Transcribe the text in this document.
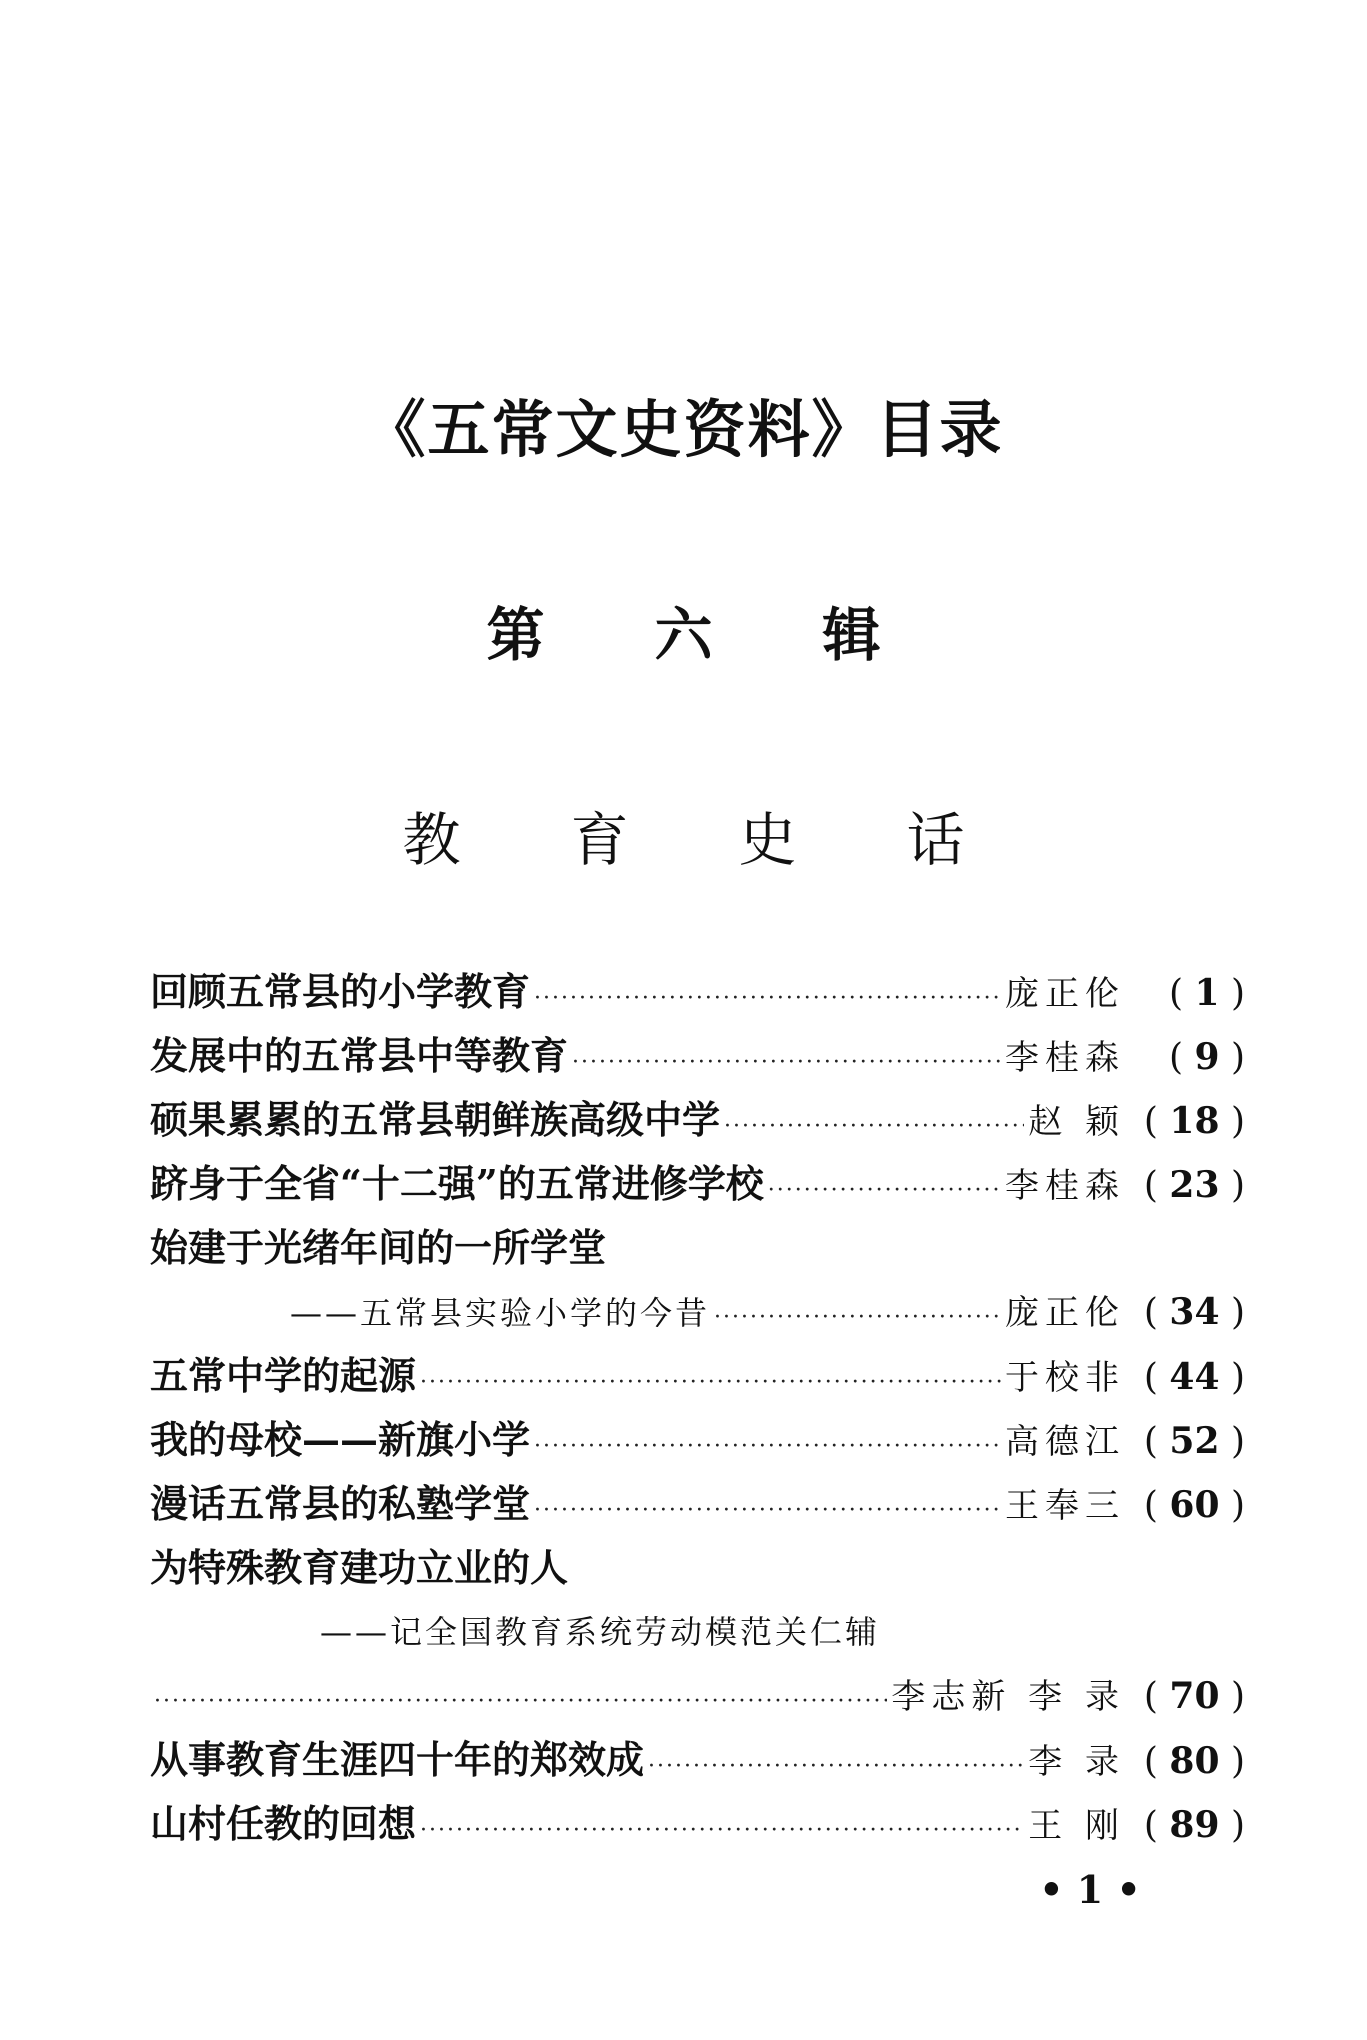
《五常文史资料》目录
第六辑
教育史话
回顾五常县的小学教育 ·····	庞正伦	( 1 )
发展中的五常县中等教育 ·····	李桂森	( 9 )
硕果累累的五常县朝鲜族高级中学 ·····	赵 颖	( 18 )
跻身于全省“十二强”的五常进修学校 ·····	李桂森	( 23 )
始建于光绪年间的一所学堂
——五常县实验小学的今昔 ·····	庞正伦	( 34 )
五常中学的起源 ·····	于校非	( 44 )
我的母校——新旗小学 ·····	高德江	( 52 )
漫话五常县的私塾学堂 ·····	王奉三	( 60 )
为特殊教育建功立业的人
——记全国教育系统劳动模范关仁辅
·····
李志新 李 录	( 70 )
从事教育生涯四十年的郑效成 ·····	李 录	( 80 )
山村任教的回想 ·····	王 刚	( 89 )
• 1 •
